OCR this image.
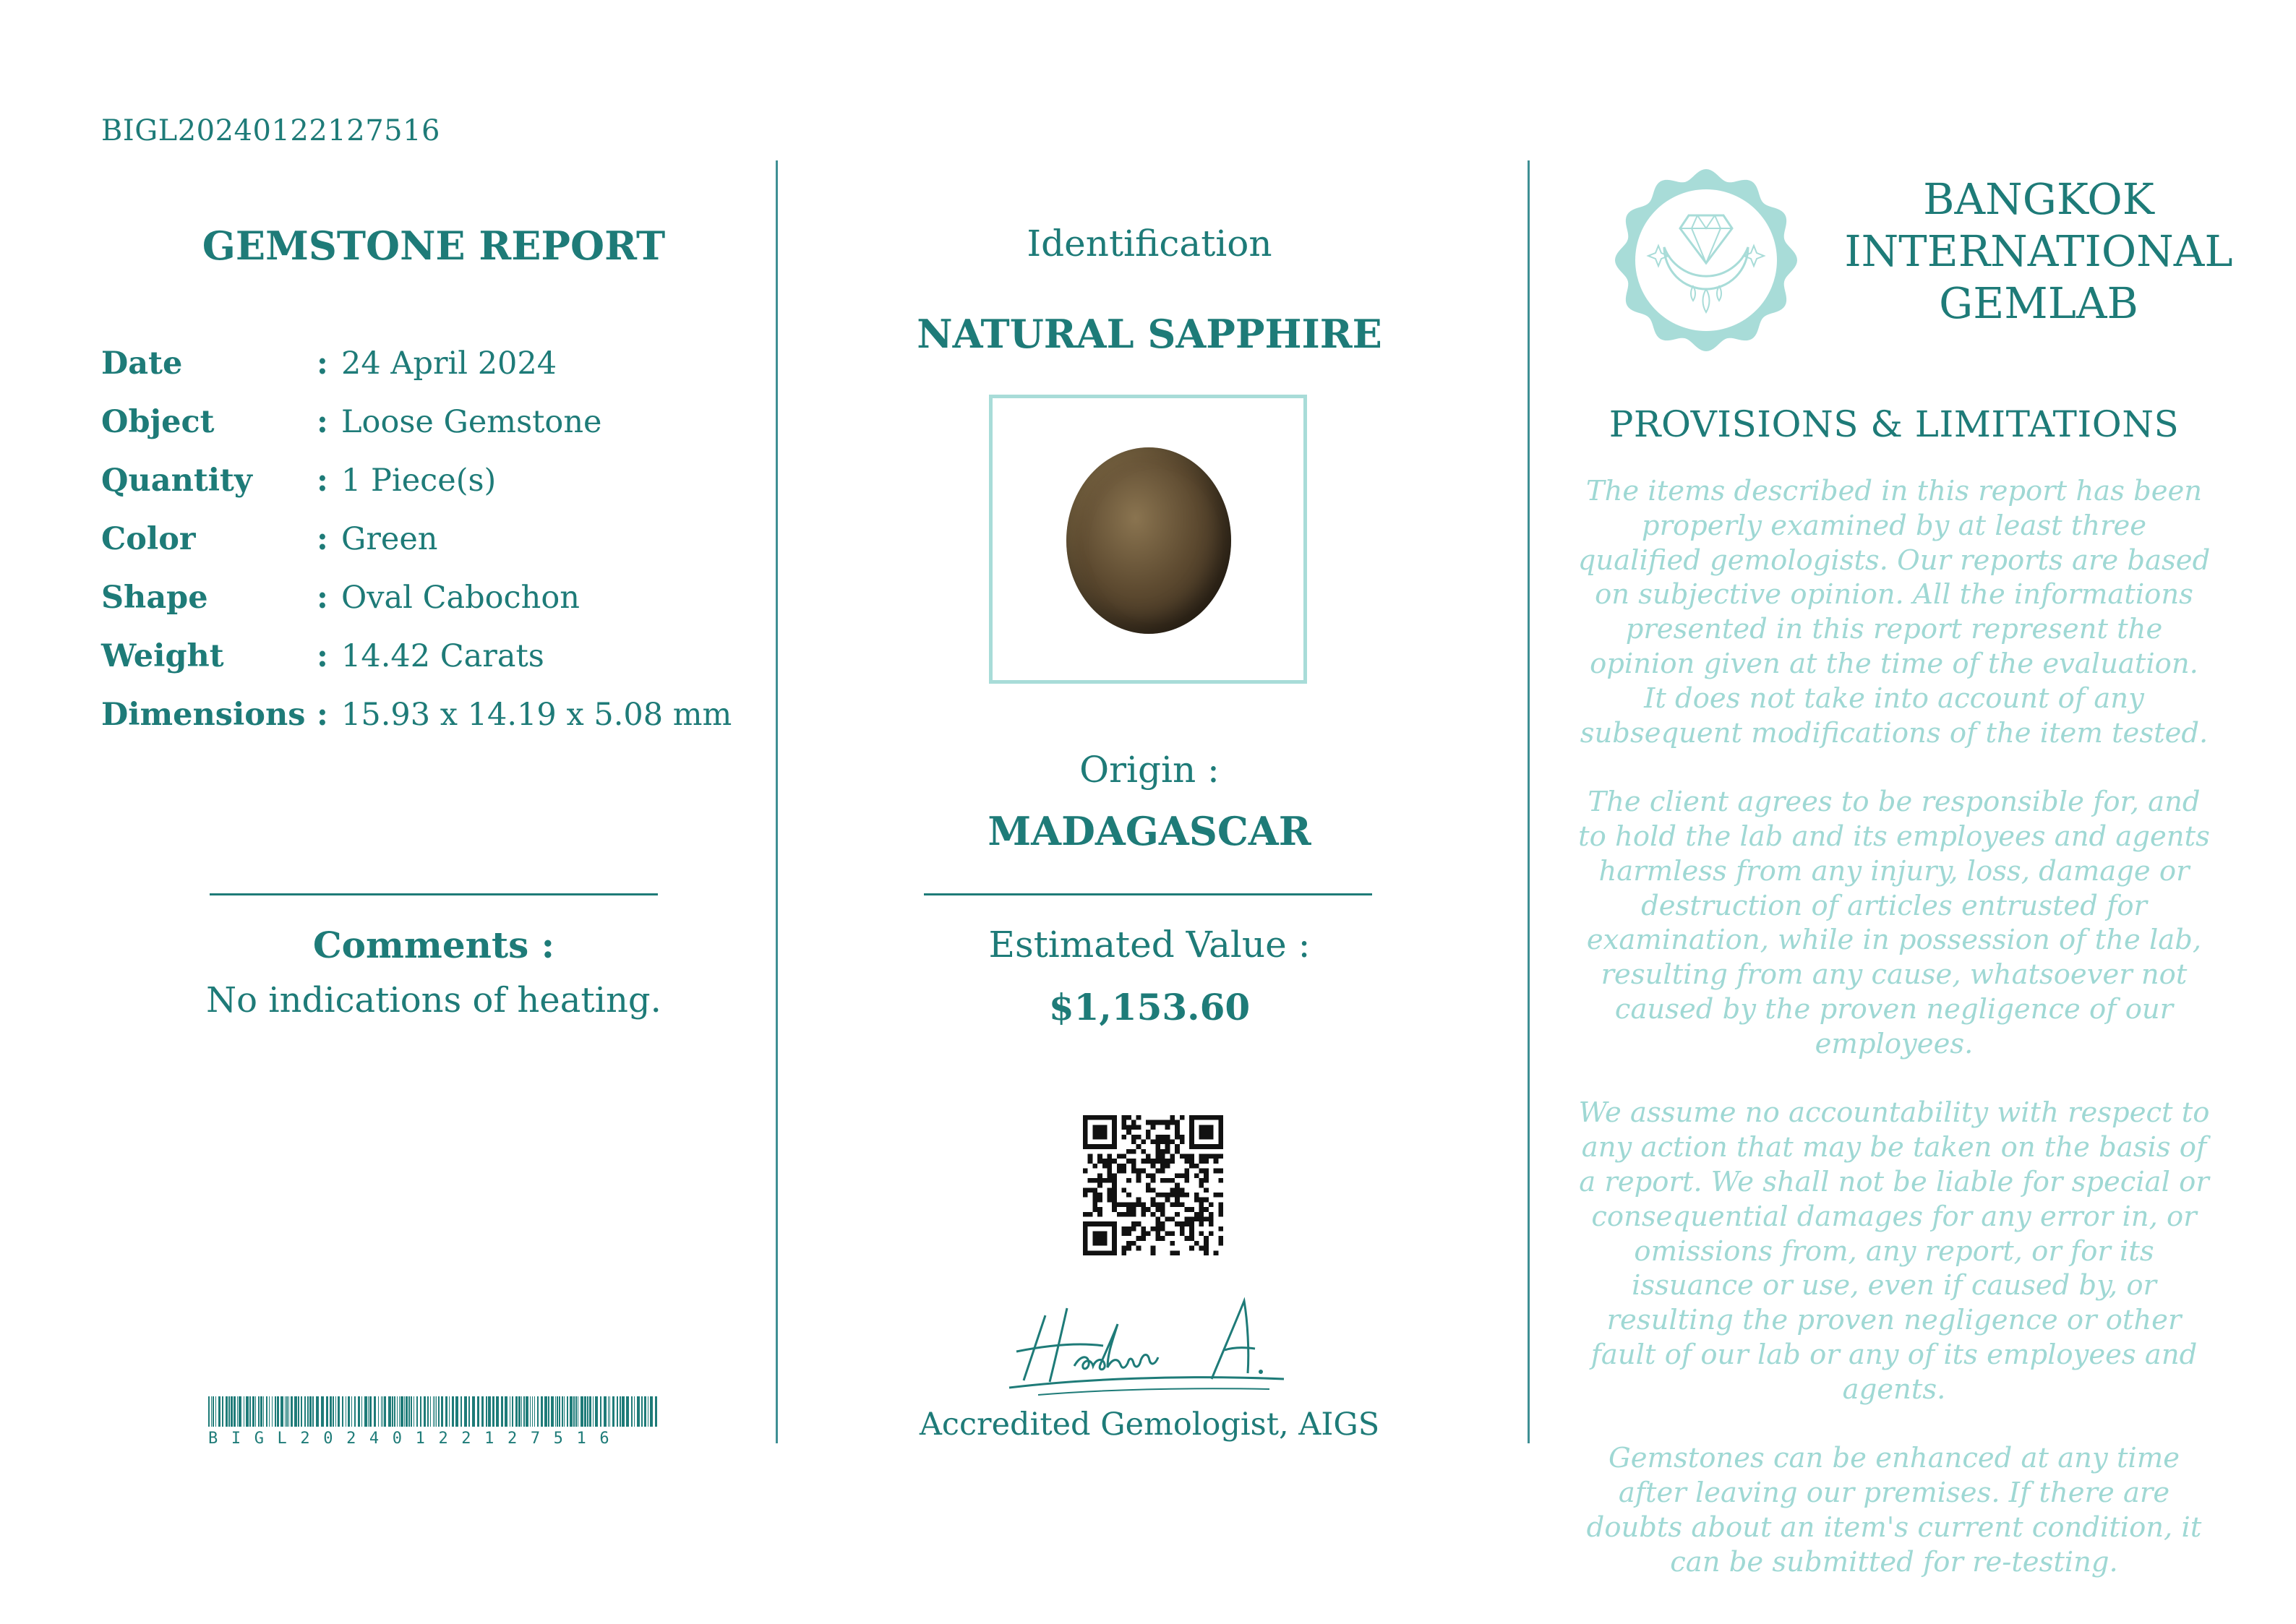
BIGL20240122127516
GEMSTONE REPORT
Date	: 24 April 2024
Object	: Loose Gemstone
Quantity : 1 Piece(s)
Color	: Green
Shape	: Oval Cabochon
Weight	: 14.42 Carats
Dimensions : 15.93 x 14.19 x 5.08 mm
Comments :
No indications of heating.
BIGL20240122127516
Identification
NATURAL SAPPHIRE
Origin :
MADAGASCAR
Estimated Value :
$1,153.60
Accredited Gemologist, AIGS
BANGKOK
INTERNATIONAL
GEMLAB
PROVISIONS & LIMITATIONS

The items described in this report has been properly examined by at least three qualified gemologists. Our reports are based on subjective opinion. All the informations presented in this report represent the opinion given at the time of the evaluation. It does not take into account of any subsequent modifications of the item tested.

The client agrees to be responsible for, and to hold the lab and its employees and agents harmless from any injury, loss, damage or destruction of articles entrusted for examination, while in possession of the lab, resulting from any cause, whatsoever not caused by the proven negligence of our employees.

We assume no accountability with respect to any action that may be taken on the basis of a report. We shall not be liable for special or consequential damages for any error in, or omissions from, any report, or for its issuance or use, even if caused by, or resulting the proven negligence or other fault of our lab or any of its employees and agents.

Gemstones can be enhanced at any time after leaving our premises. If there are doubts about an item's current condition, it can be submitted for re-testing.
